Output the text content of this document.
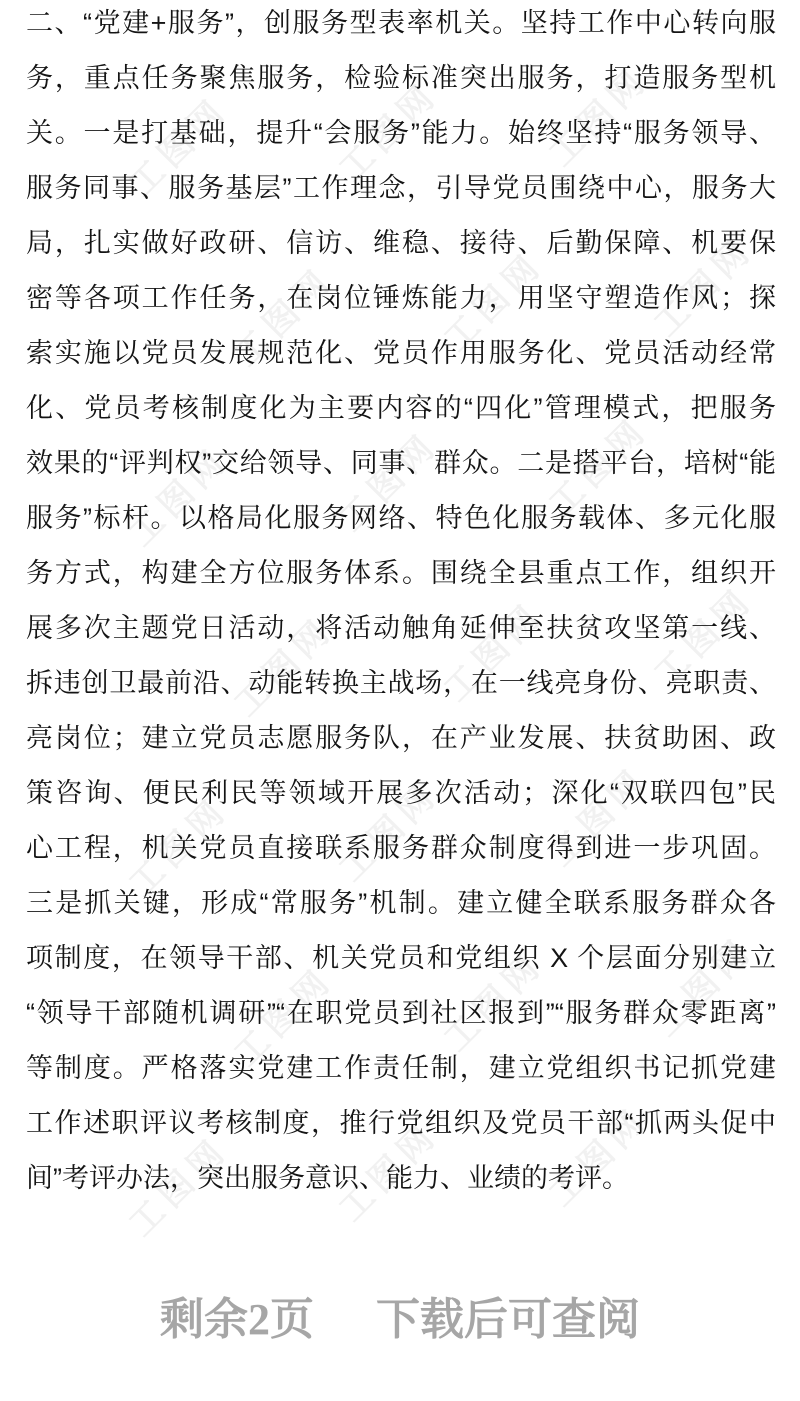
工图网	工图网	工图网
工图网	工图网	工图网
工图网	工图网	工图网
工图网	工图网	工图网
工图网	工图网	工图网
工图网	工图网	工图网
工图网	工图网	工图网
二、“党建+服务”，创服务型表率机关。坚持工作中心转向服
务，重点任务聚焦服务，检验标准突出服务，打造服务型机
关。一是打基础，提升“会服务”能力。始终坚持“服务领导、
服务同事、服务基层”工作理念，引导党员围绕中心，服务大
局，扎实做好政研、信访、维稳、接待、后勤保障、机要保
密等各项工作任务，在岗位锤炼能力，用坚守塑造作风；探
索实施以党员发展规范化、党员作用服务化、党员活动经常
化、党员考核制度化为主要内容的“四化”管理模式，把服务
效果的“评判权”交给领导、同事、群众。二是搭平台，培树“能
服务”标杆。以格局化服务网络、特色化服务载体、多元化服
务方式，构建全方位服务体系。围绕全县重点工作，组织开
展多次主题党日活动，将活动触角延伸至扶贫攻坚第一线、
拆违创卫最前沿、动能转换主战场，在一线亮身份、亮职责、
亮岗位；建立党员志愿服务队，在产业发展、扶贫助困、政
策咨询、便民利民等领域开展多次活动；深化“双联四包”民
心工程，机关党员直接联系服务群众制度得到进一步巩固。
三是抓关键，形成“常服务”机制。建立健全联系服务群众各
项制度，在领导干部、机关党员和党组织 X 个层面分别建立
“领导干部随机调研”“在职党员到社区报到”“服务群众零距离”
等制度。严格落实党建工作责任制，建立党组织书记抓党建
工作述职评议考核制度，推行党组织及党员干部“抓两头促中
间”考评办法，突出服务意识、能力、业绩的考评。
剩余2页 下载后可查阅
